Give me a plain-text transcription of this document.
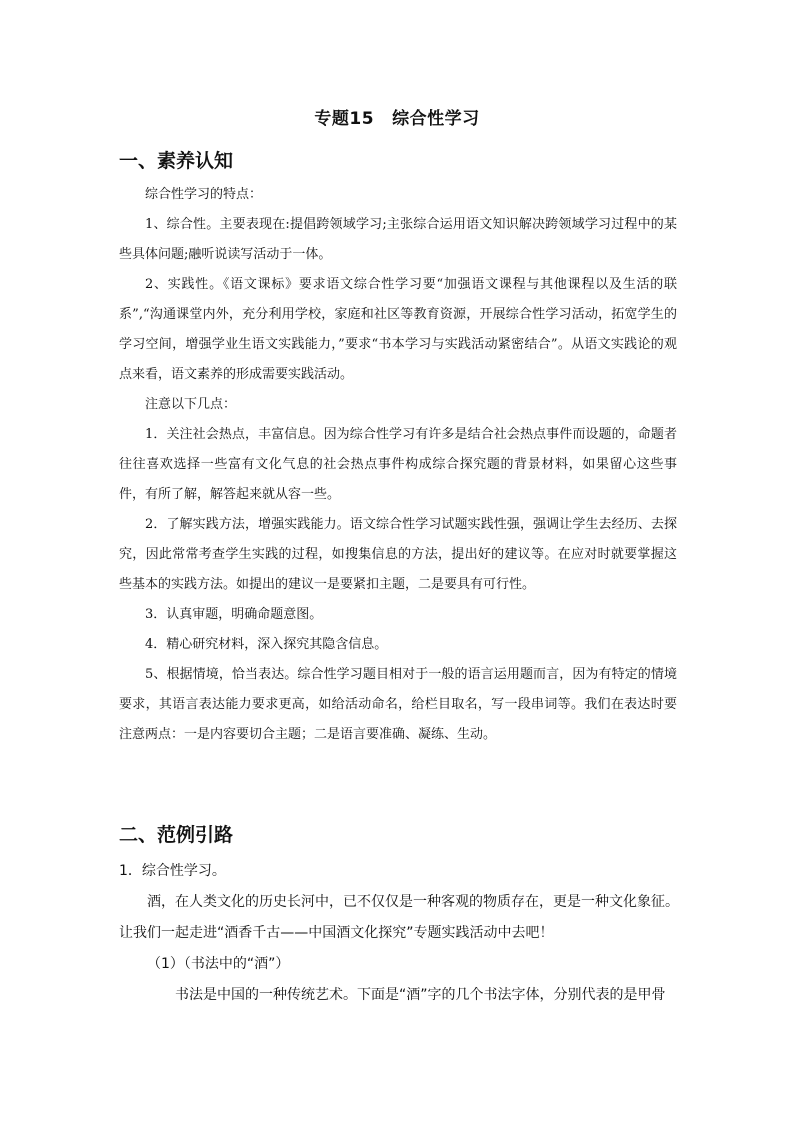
专题15 综合性学习
一、素养认知

综合性学习的特点：

1、综合性。主要表现在:提倡跨领域学习;主张综合运用语文知识解决跨领域学习过程中的某些具体问题;融听说读写活动于一体。

2、实践性。《语文课标》要求语文综合性学习要“加强语文课程与其他课程以及生活的联系”,“沟通课堂内外，充分利用学校，家庭和社区等教育资源，开展综合性学习活动，拓宽学生的学习空间，增强学业生语文实践能力，”要求“书本学习与实践活动紧密结合”。从语文实践论的观点来看，语文素养的形成需要实践活动。

注意以下几点：

1．关注社会热点，丰富信息。因为综合性学习有许多是结合社会热点事件而设题的，命题者往往喜欢选择一些富有文化气息的社会热点事件构成综合探究题的背景材料，如果留心这些事件，有所了解，解答起来就从容一些。

2．了解实践方法，增强实践能力。语文综合性学习试题实践性强，强调让学生去经历、去探究，因此常常考查学生实践的过程，如搜集信息的方法，提出好的建议等。在应对时就要掌握这些基本的实践方法。如提出的建议一是要紧扣主题，二是要具有可行性。

3．认真审题，明确命题意图。

4．精心研究材料，深入探究其隐含信息。

5、根据情境，恰当表达。综合性学习题目相对于一般的语言运用题而言，因为有特定的情境要求，其语言表达能力要求更高，如给活动命名，给栏目取名，写一段串词等。我们在表达时要注意两点：一是内容要切合主题；二是语言要准确、凝练、生动。

二、范例引路

1．综合性学习。

酒，在人类文化的历史长河中，已不仅仅是一种客观的物质存在，更是一种文化象征。让我们一起走进“酒香千古——中国酒文化探究”专题实践活动中去吧！

（1）（书法中的“酒”）

书法是中国的一种传统艺术。下面是“酒”字的几个书法字体，分别代表的是甲骨
